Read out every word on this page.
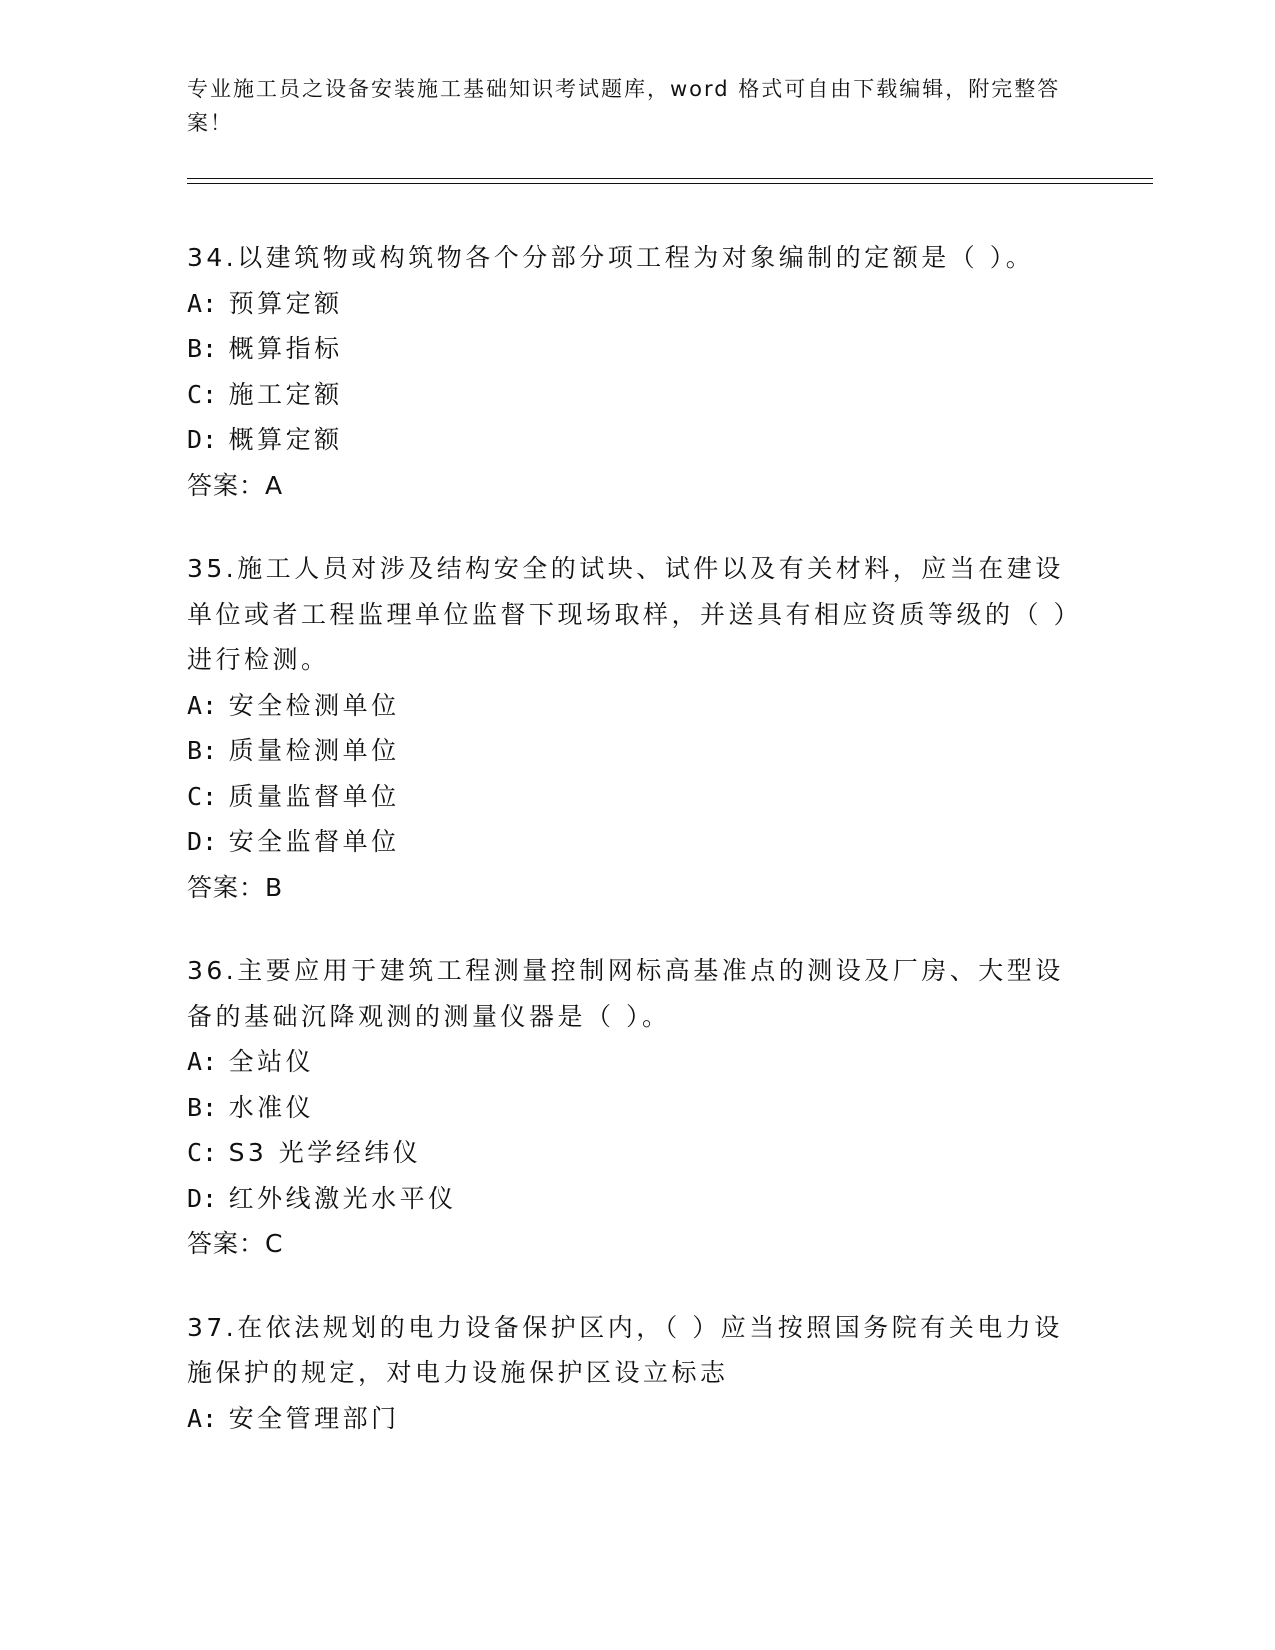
专业施工员之设备安装施工基础知识考试题库，word 格式可自由下载编辑，附完整答案！

34.以建筑物或构筑物各个分部分项工程为对象编制的定额是（ ）。

A: 预算定额

B: 概算指标

C: 施工定额

D: 概算定额

答案：A

35.施工人员对涉及结构安全的试块、试件以及有关材料，应当在建设单位或者工程监理单位监督下现场取样，并送具有相应资质等级的（ ）进行检测。

A: 安全检测单位

B: 质量检测单位

C: 质量监督单位

D: 安全监督单位

答案：B

36.主要应用于建筑工程测量控制网标高基准点的测设及厂房、大型设备的基础沉降观测的测量仪器是（ ）。

A: 全站仪

B: 水准仪

C: S3 光学经纬仪

D: 红外线激光水平仪

答案：C

37.在依法规划的电力设备保护区内，（ ）应当按照国务院有关电力设施保护的规定，对电力设施保护区设立标志

A: 安全管理部门
